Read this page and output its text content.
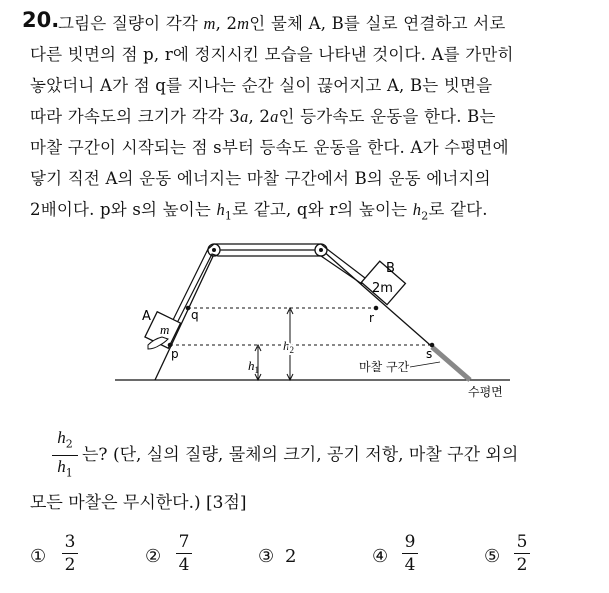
20.
그림은 질량이 각각 m, 2m인 물체 A, B를 실로 연결하고 서로
다른 빗면의 점 p, r에 정지시킨 모습을 나타낸 것이다. A를 가만히
놓았더니 A가 점 q를 지나는 순간 실이 끊어지고 A, B는 빗면을
따라 가속도의 크기가 각각 3a, 2a인 등가속도 운동을 한다. B는
마찰 구간이 시작되는 점 s부터 등속도 운동을 한다. A가 수평면에
닿기 직전 A의 운동 에너지는 마찰 구간에서 B의 운동 에너지의
2배이다. p와 s의 높이는 $h_1$로 같고, q와 r의 높이는 $h_2$로 같다.
m
A
2m
B
p
q	r
s
$h_1$
$h_2$
마찰 구간
수평면
$h_2$
$h_1$
는? (단, 실의 질량, 물체의 크기, 공기 저항, 마찰 구간 외의
모든 마찰은 무시한다.) [3점]
①
3
2	②
7
4	③ 2	④
9
4	⑤
5
2
